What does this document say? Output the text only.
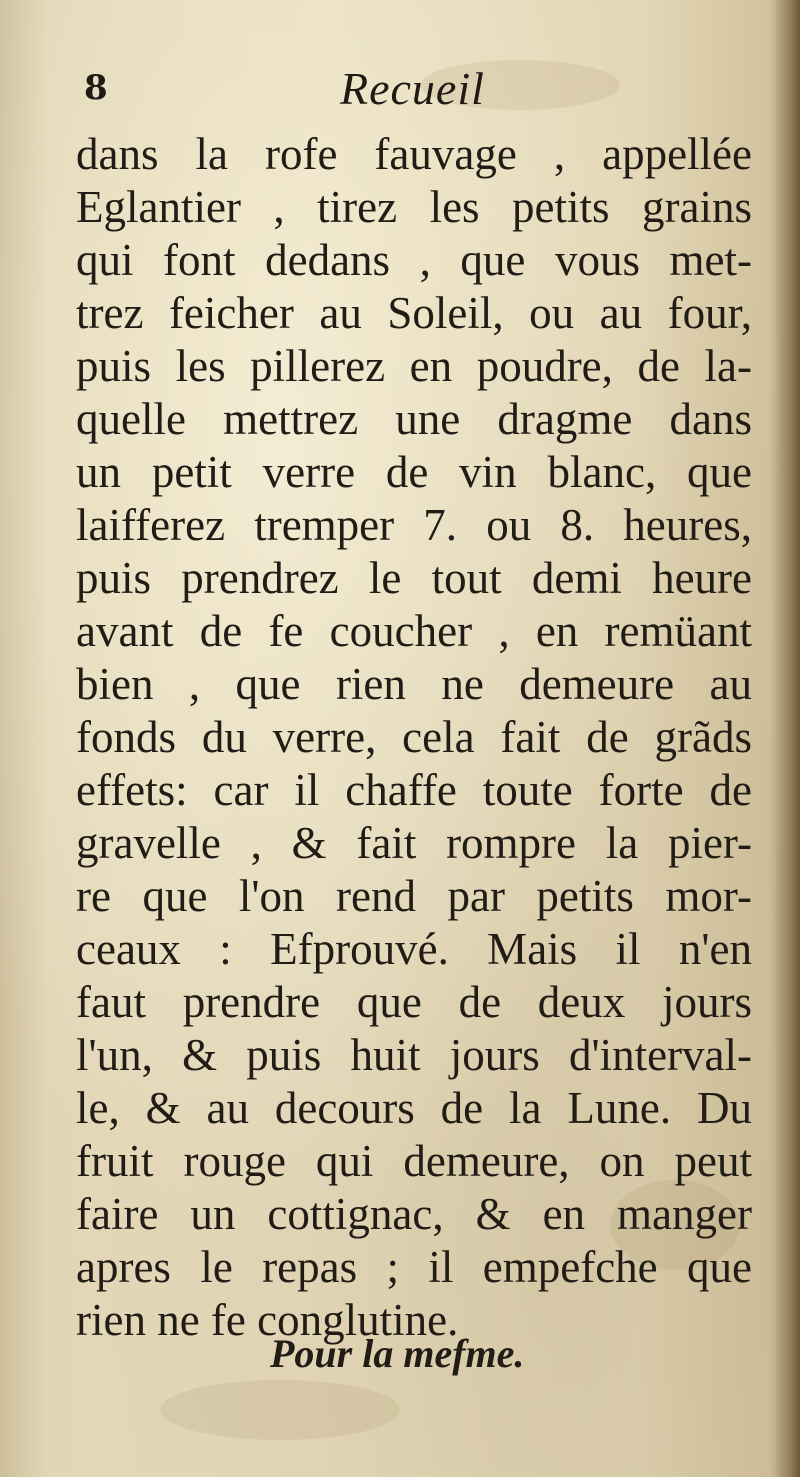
8	Recueil
dans la rofe fauvage , appellée
Eglantier , tirez les petits grains
qui font dedans , que vous met-
trez feicher au Soleil, ou au four,
puis les pillerez en poudre, de la-
quelle mettrez une dragme dans
un petit verre de vin blanc, que
laifferez tremper 7. ou 8. heures,
puis prendrez le tout demi heure
avant de fe coucher , en remüant
bien , que rien ne demeure au
fonds du verre, cela fait de grãds
effets: car il chaffe toute forte de
gravelle , & fait rompre la pier-
re que l'on rend par petits mor-
ceaux : Efprouvé. Mais il n'en
faut prendre que de deux jours
l'un, & puis huit jours d'interval-
le, & au decours de la Lune. Du
fruit rouge qui demeure, on peut
faire un cottignac, & en manger
apres le repas ; il empefche que
rien ne fe conglutine.
Pour la mefme.
